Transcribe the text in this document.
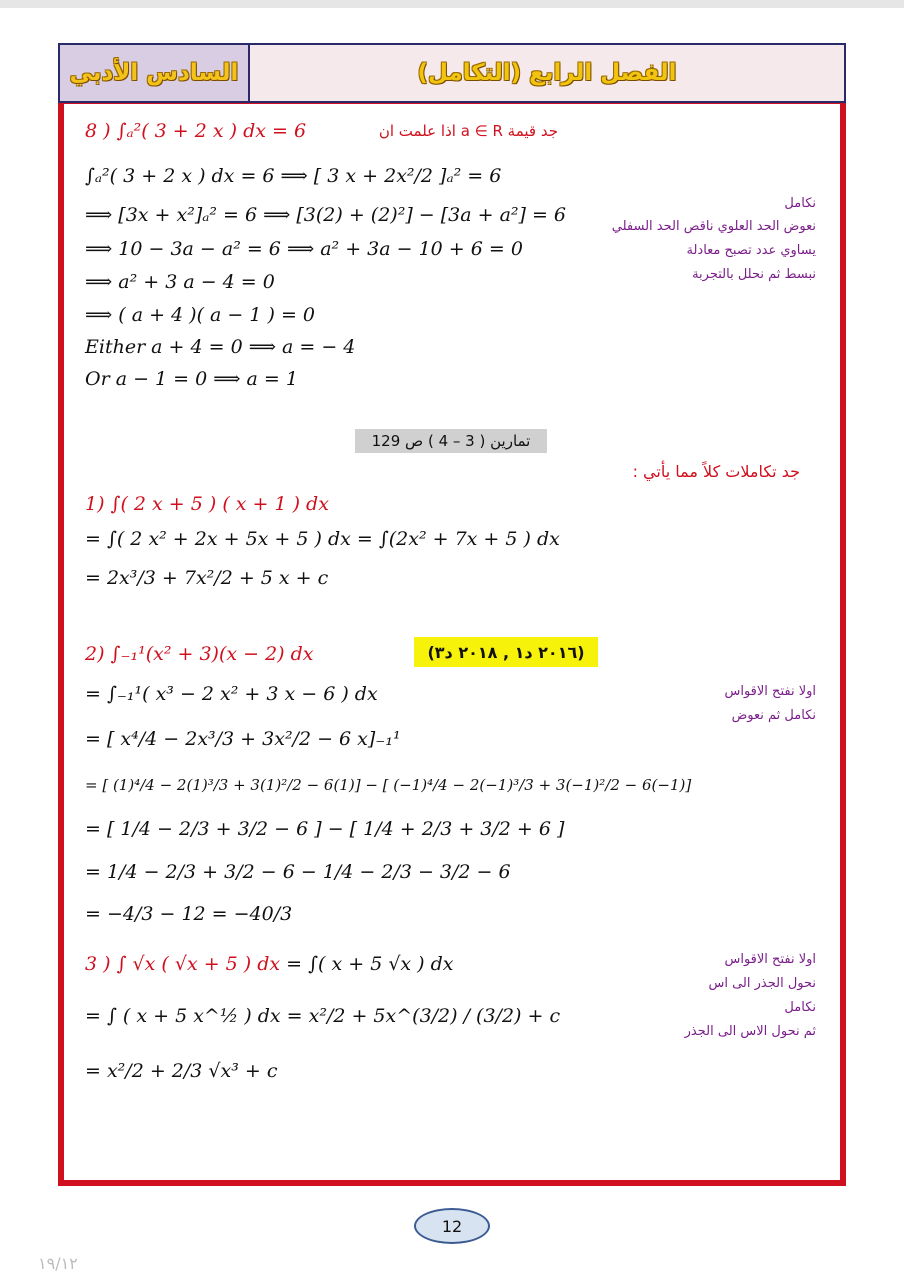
السادس الأدبي	الفصل الرابع (التكامل)
8 ) ∫ₐ²( 3 + 2 x ) dx = 6	جد قيمة a ∈ R اذا علمت ان
∫ₐ²( 3 + 2 x ) dx = 6 ⟹ [ 3 x + 2x²/2 ]ₐ² = 6
⟹ [3x + x²]ₐ² = 6 ⟹ [3(2) + (2)²] − [3a + a²] = 6
⟹ 10 − 3a − a² = 6 ⟹ a² + 3a − 10 + 6 = 0
⟹ a² + 3 a − 4 = 0
⟹ ( a + 4 )( a − 1 ) = 0
Either a + 4 = 0 ⟹ a = − 4
Or a − 1 = 0 ⟹ a = 1
نكامل
نعوض الحد العلوي ناقص الحد السفلي
يساوي عدد تصبح معادلة
نبسط ثم نحلل بالتجربة
تمارين ( 3 – 4 ) ص 129
جد تكاملات كلاً مما يأتي :
1) ∫( 2 x + 5 ) ( x + 1 ) dx
= ∫( 2 x² + 2x + 5x + 5 ) dx = ∫(2x² + 7x + 5 ) dx
= 2x³/3 + 7x²/2 + 5 x + c
2) ∫₋₁¹(x² + 3)(x − 2) dx	(٢٠١٦ د١ , ٢٠١٨ د٣)
= ∫₋₁¹( x³ − 2 x² + 3 x − 6 ) dx
= [ x⁴/4 − 2x³/3 + 3x²/2 − 6 x]₋₁¹
= [ (1)⁴/4 − 2(1)³/3 + 3(1)²/2 − 6(1)] − [ (−1)⁴/4 − 2(−1)³/3 + 3(−1)²/2 − 6(−1)]
= [ 1/4 − 2/3 + 3/2 − 6 ] − [ 1/4 + 2/3 + 3/2 + 6 ]
= 1/4 − 2/3 + 3/2 − 6 − 1/4 − 2/3 − 3/2 − 6
= −4/3 − 12 = −40/3
اولا نفتح الاقواس
نكامل ثم نعوض
3 ) ∫ √x ( √x + 5 ) dx = ∫( x + 5 √x ) dx
= ∫ ( x + 5 x^½ ) dx = x²/2 + 5x^(3/2) / (3/2) + c
= x²/2 + 2/3 √x³ + c
اولا نفتح الاقواس
نحول الجذر الى اس
نكامل
ثم نحول الاس الى الجذر
12
١٩/١٢
